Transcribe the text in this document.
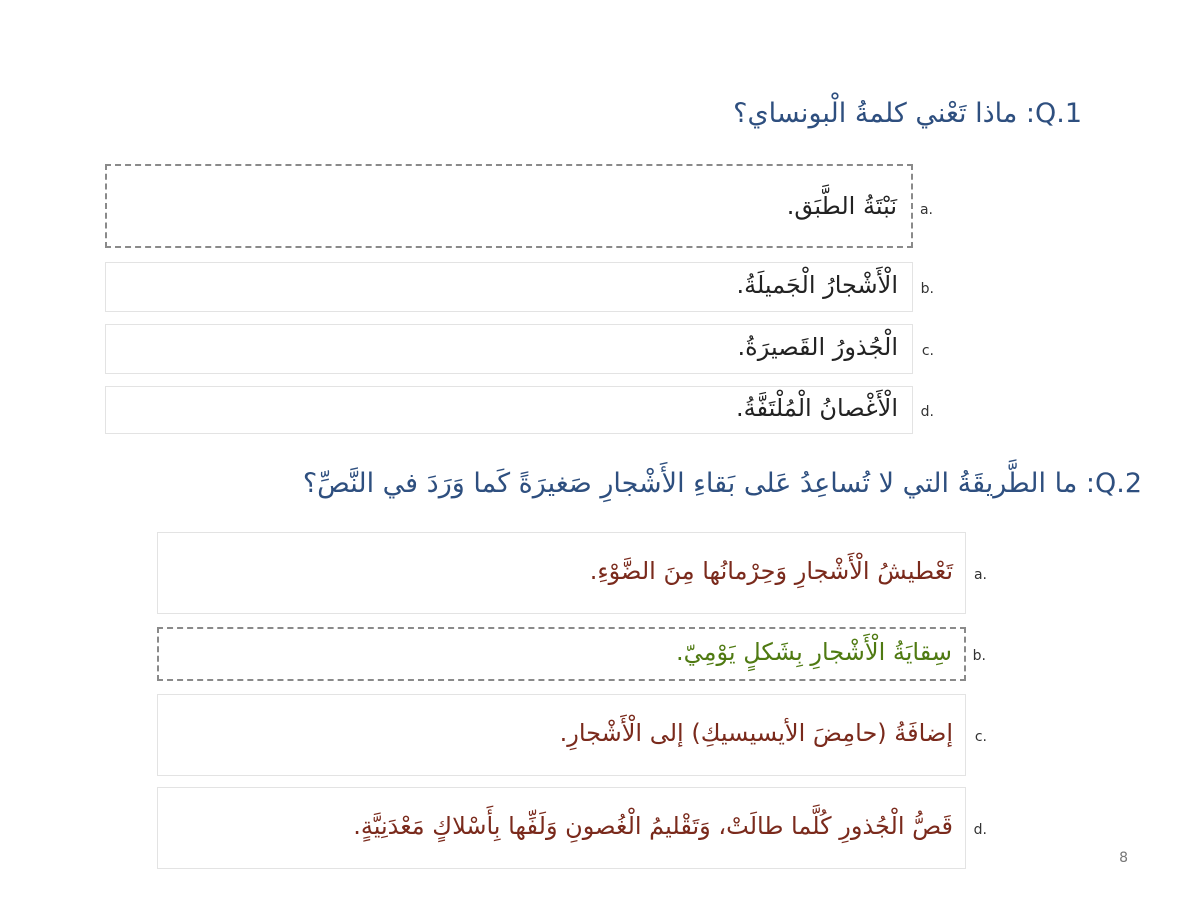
Q.1: ماذا تَعْني كلمةُ الْبونساي؟
نَبْتَةُ الطَّبَق. a.
الْأَشْجارُ الْجَميلَةُ. b.
الْجُذورُ القَصيرَةُ. c.
الْأَغْصانُ الْمُلْتَفَّةُ. d.
Q.2: ما الطَّريقَةُ التي لا تُساعِدُ عَلى بَقاءِ الأَشْجارِ صَغيرَةً كَما وَرَدَ في النَّصِّ؟
تَعْطيشُ الْأَشْجارِ وَحِرْمانُها مِنَ الضَّوْءِ. a.
سِقايَةُ الْأَشْجارِ بِشَكلٍ يَوْمِيّ. b.
إضافَةُ (حامِضَ الأيسيسيكِ) إلى الْأَشْجارِ. c.
قَصُّ الْجُذورِ كُلَّما طالَتْ، وَتَقْليمُ الْغُصونِ وَلَفِّها بِأَسْلاكٍ مَعْدَنِيَّةٍ. d.
8
